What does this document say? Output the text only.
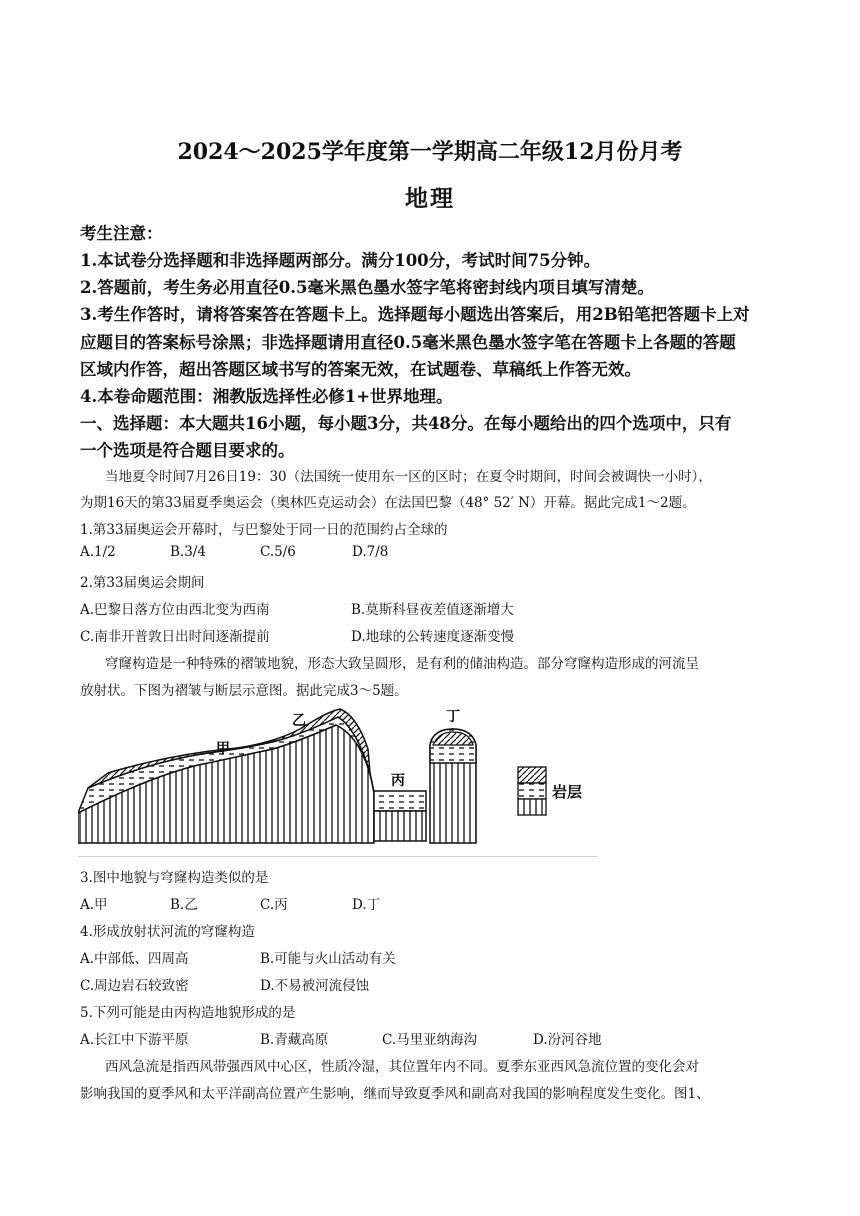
2024～2025学年度第一学期高二年级12月份月考
地理
考生注意：
1.本试卷分选择题和非选择题两部分。满分100分，考试时间75分钟。
2.答题前，考生务必用直径0.5毫米黑色墨水签字笔将密封线内项目填写清楚。
3.考生作答时，请将答案答在答题卡上。选择题每小题选出答案后，用2B铅笔把答题卡上对
应题目的答案标号涂黑；非选择题请用直径0.5毫米黑色墨水签字笔在答题卡上各题的答题
区域内作答，超出答题区域书写的答案无效，在试题卷、草稿纸上作答无效。
4.本卷命题范围：湘教版选择性必修1+世界地理。
一、选择题：本大题共16小题，每小题3分，共48分。在每小题给出的四个选项中，只有
一个选项是符合题目要求的。
　　当地夏令时间7月26日19：30（法国统一使用东一区的区时；在夏令时期间，时间会被调快一小时），
为期16天的第33届夏季奥运会（奥林匹克运动会）在法国巴黎（48° 52′ N）开幕。据此完成1～2题。
1.第33届奥运会开幕时，与巴黎处于同一日的范围约占全球的
A.1/2	B.3/4	C.5/6	D.7/8
2.第33届奥运会期间
A.巴黎日落方位由西北变为西南	B.莫斯科昼夜差值逐渐增大
C.南非开普敦日出时间逐渐提前	D.地球的公转速度逐渐变慢
　　穹窿构造是一种特殊的褶皱地貌，形态大致呈圆形，是有利的储油构造。部分穹窿构造形成的河流呈
放射状。下图为褶皱与断层示意图。据此完成3～5题。
甲
乙
丙
丁
岩层
3.图中地貌与穹窿构造类似的是
A.甲	B.乙	C.丙	D.丁
4.形成放射状河流的穹窿构造
A.中部低、四周高	B.可能与火山活动有关
C.周边岩石较致密	D.不易被河流侵蚀
5.下列可能是由丙构造地貌形成的是
A.长江中下游平原	B.青藏高原	C.马里亚纳海沟	D.汾河谷地
　　西风急流是指西风带强西风中心区，性质冷湿，其位置年内不同。夏季东亚西风急流位置的变化会对
影响我国的夏季风和太平洋副高位置产生影响，继而导致夏季风和副高对我国的影响程度发生变化。图1、
